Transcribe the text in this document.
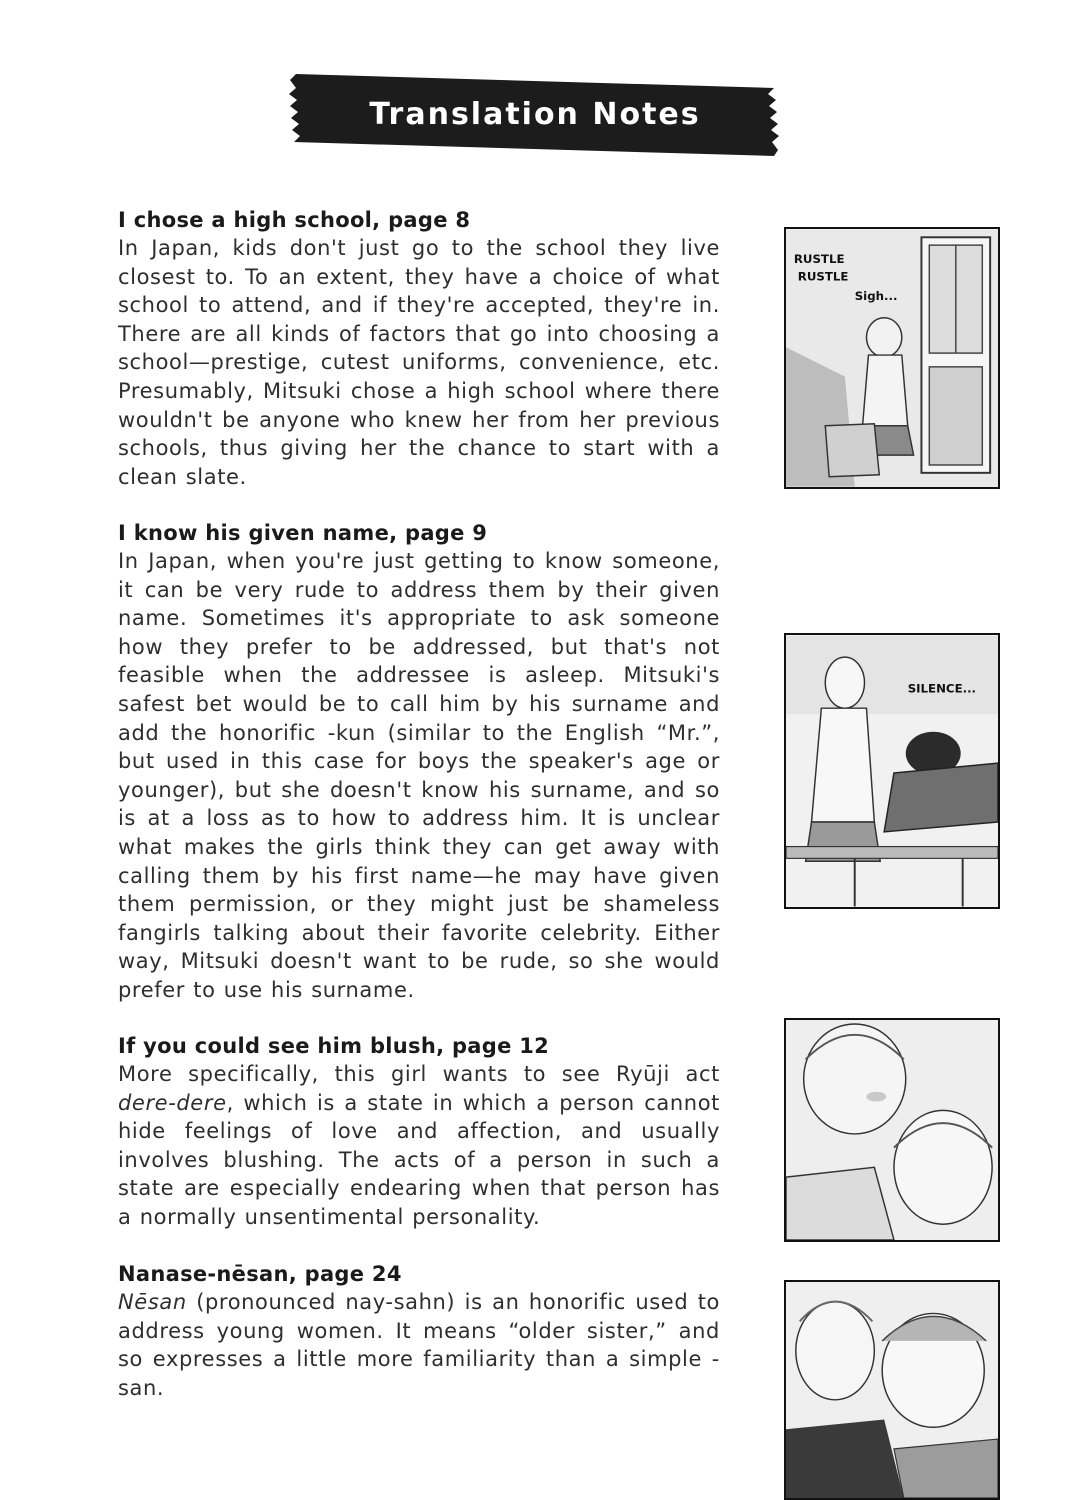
Translation Notes

I chose a high school, page 8

In Japan, kids don't just go to the school they live closest to. To an extent, they have a choice of what school to attend, and if they're accepted, they're in. There are all kinds of factors that go into choosing a school—prestige, cutest uniforms, convenience, etc. Presumably, Mitsuki chose a high school where there wouldn't be anyone who knew her from her previous schools, thus giving her the chance to start with a clean slate.

I know his given name, page 9

In Japan, when you're just getting to know someone, it can be very rude to address them by their given name. Sometimes it's appropriate to ask someone how they prefer to be addressed, but that's not feasible when the addressee is asleep. Mitsuki's safest bet would be to call him by his surname and add the honorific -kun (similar to the English “Mr.”, but used in this case for boys the speaker's age or younger), but she doesn't know his surname, and so is at a loss as to how to address him. It is unclear what makes the girls think they can get away with calling them by his first name—he may have given them permission, or they might just be shameless fangirls talking about their favorite celebrity. Either way, Mitsuki doesn't want to be rude, so she would prefer to use his surname.

If you could see him blush, page 12

More specifically, this girl wants to see Ryūji act dere-dere, which is a state in which a person cannot hide feelings of love and affection, and usually involves blushing. The acts of a person in such a state are especially endearing when that person has a normally unsentimental personality.

Nanase-nēsan, page 24

Nēsan (pronounced nay-sahn) is an honorific used to address young women. It means “older sister,” and so expresses a little more familiarity than a simple -san.

RUSTLE
RUSTLE
Sigh...
SILENCE...
